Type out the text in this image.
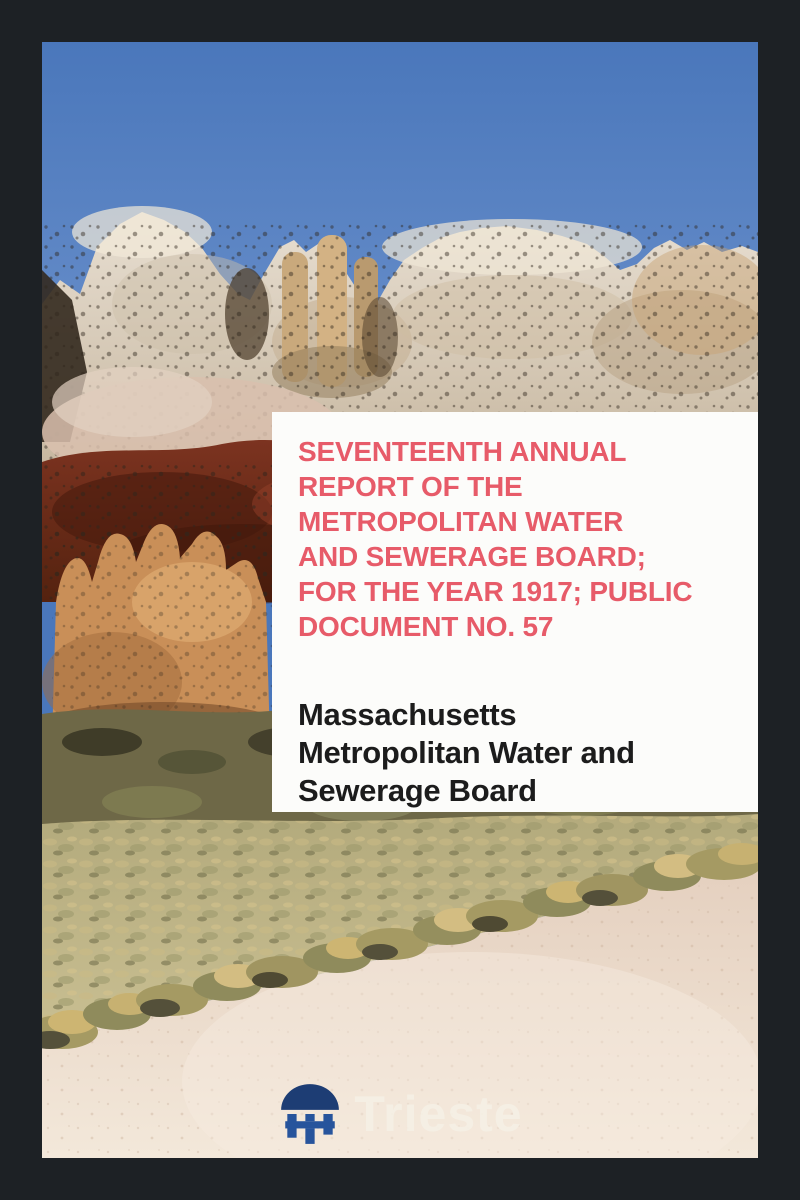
SEVENTEENTH ANNUAL
REPORT OF THE
METROPOLITAN WATER
AND SEWERAGE BOARD;
FOR THE YEAR 1917; PUBLIC
DOCUMENT NO. 57
Massachusetts
Metropolitan Water and
Sewerage Board
Trieste
